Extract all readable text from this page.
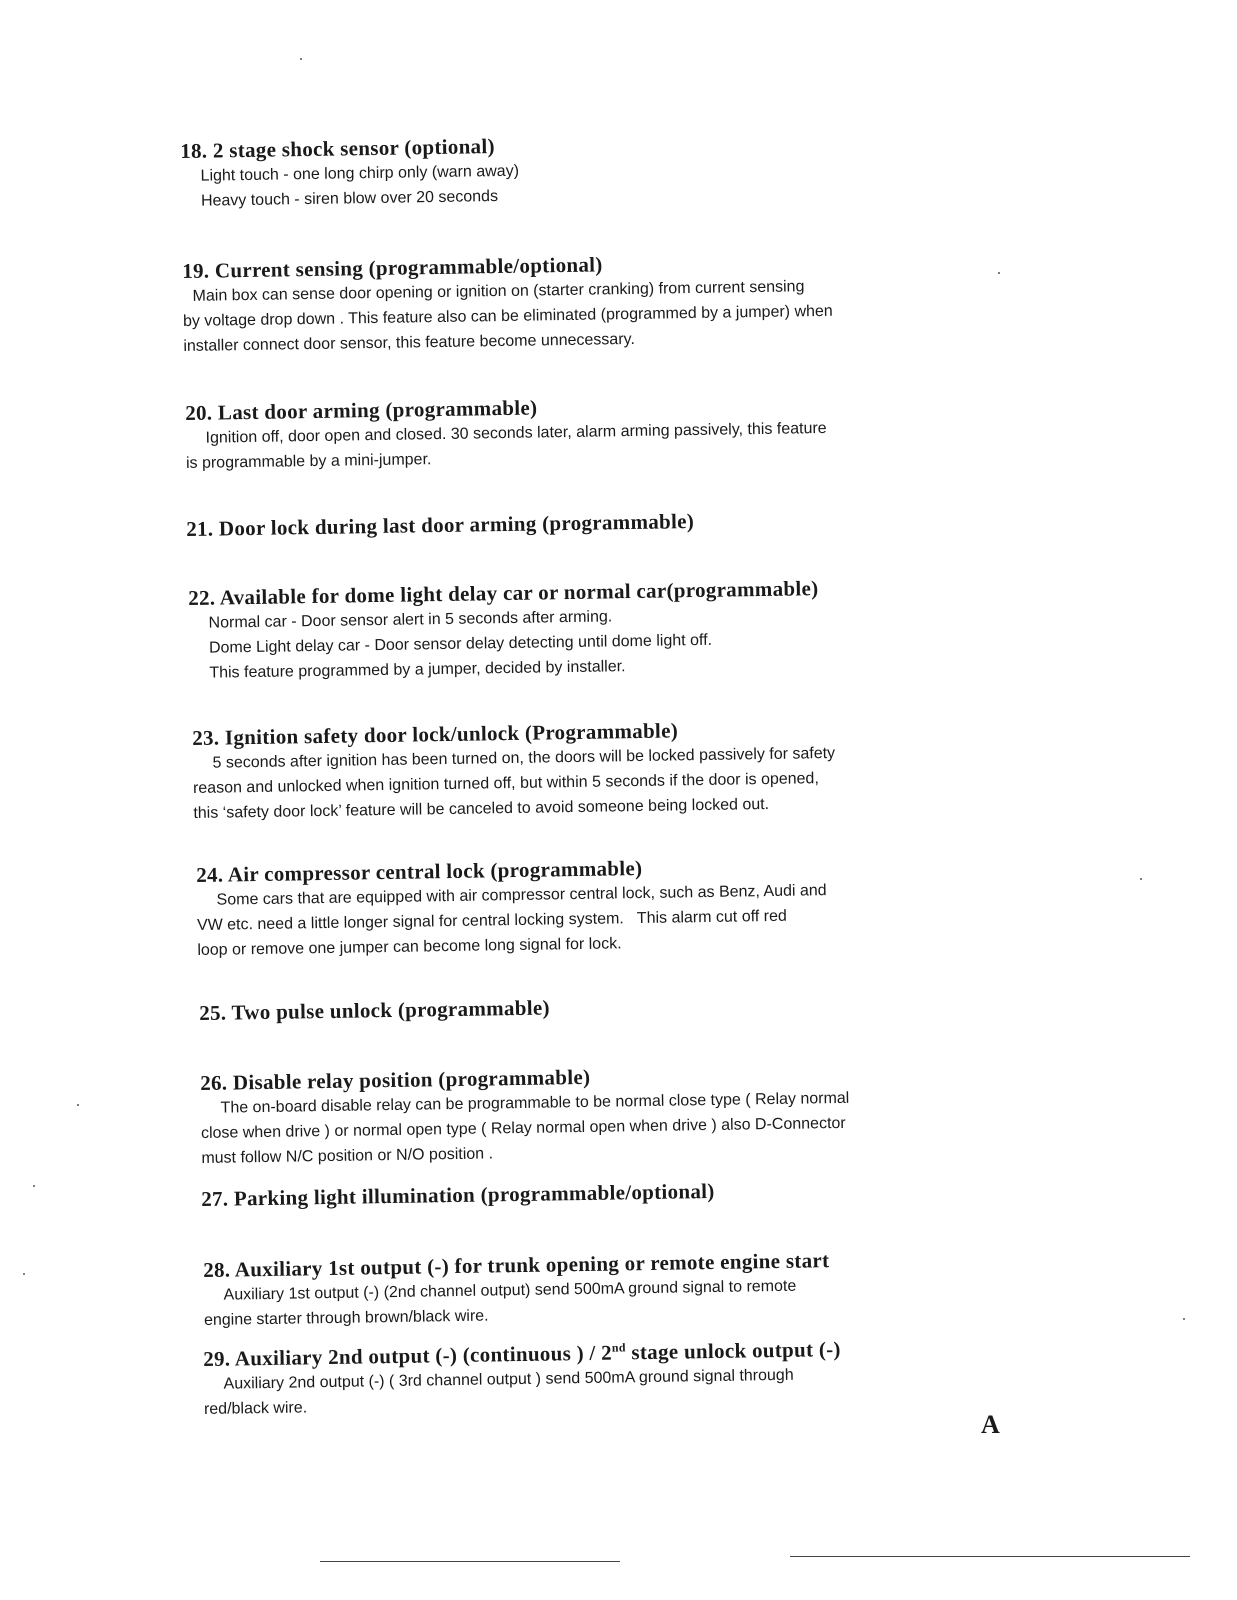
18. 2 stage shock sensor (optional)
Light touch - one long chirp only (warn away)
Heavy touch - siren blow over 20 seconds
19. Current sensing (programmable/optional)
Main box can sense door opening or ignition on (starter cranking) from current sensing
by voltage drop down . This feature also can be eliminated (programmed by a jumper) when
installer connect door sensor, this feature become unnecessary.
20. Last door arming (programmable)
Ignition off, door open and closed. 30 seconds later, alarm arming passively, this feature
is programmable by a mini-jumper.
21. Door lock during last door arming (programmable)
22. Available for dome light delay car or normal car(programmable)
Normal car - Door sensor alert in 5 seconds after arming.
Dome Light delay car - Door sensor delay detecting until dome light off.
This feature programmed by a jumper, decided by installer.
23. Ignition safety door lock/unlock (Programmable)
5 seconds after ignition has been turned on, the doors will be locked passively for safety
reason and unlocked when ignition turned off, but within 5 seconds if the door is opened,
this ‘safety door lock’ feature will be canceled to avoid someone being locked out.
24. Air compressor central lock (programmable)
Some cars that are equipped with air compressor central lock, such as Benz, Audi and
VW etc. need a little longer signal for central locking system.   This alarm cut off red
loop or remove one jumper can become long signal for lock.
25. Two pulse unlock (programmable)
26. Disable relay position (programmable)
The on-board disable relay can be programmable to be normal close type ( Relay normal
close when drive ) or normal open type ( Relay normal open when drive ) also D-Connector
must follow N/C position or N/O position .
27. Parking light illumination (programmable/optional)
28. Auxiliary 1st output (-) for trunk opening or remote engine start
Auxiliary 1st output (-) (2nd channel output) send 500mA ground signal to remote
engine starter through brown/black wire.
29. Auxiliary 2nd output (-) (continuous ) / 2nd stage unlock output (-)
Auxiliary 2nd output (-) ( 3rd channel output ) send 500mA ground signal through
red/black wire.
A
